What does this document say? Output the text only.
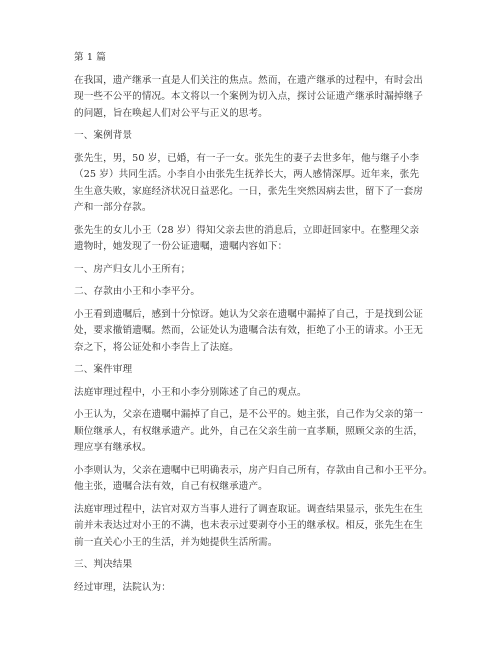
第 1 篇
在我国，遗产继承一直是人们关注的焦点。然而，在遗产继承的过程中，有时会出
现一些不公平的情况。本文将以一个案例为切入点，探讨公证遗产继承时漏掉继子
的问题，旨在唤起人们对公平与正义的思考。
一、案例背景
张先生，男，50 岁，已婚，有一子一女。张先生的妻子去世多年，他与继子小李
（25 岁）共同生活。小李自小由张先生抚养长大，两人感情深厚。近年来，张先
生生意失败，家庭经济状况日益恶化。一日，张先生突然因病去世，留下了一套房
产和一部分存款。
张先生的女儿小王（28 岁）得知父亲去世的消息后，立即赶回家中。在整理父亲
遗物时，她发现了一份公证遗嘱，遗嘱内容如下：
一、房产归女儿小王所有；
二、存款由小王和小李平分。
小王看到遗嘱后，感到十分惊讶。她认为父亲在遗嘱中漏掉了自己，于是找到公证
处，要求撤销遗嘱。然而，公证处认为遗嘱合法有效，拒绝了小王的请求。小王无
奈之下，将公证处和小李告上了法庭。
二、案件审理
法庭审理过程中，小王和小李分别陈述了自己的观点。
小王认为，父亲在遗嘱中漏掉了自己，是不公平的。她主张，自己作为父亲的第一
顺位继承人，有权继承遗产。此外，自己在父亲生前一直孝顺，照顾父亲的生活，
理应享有继承权。
小李则认为，父亲在遗嘱中已明确表示，房产归自己所有，存款由自己和小王平分。
他主张，遗嘱合法有效，自己有权继承遗产。
法庭审理过程中，法官对双方当事人进行了调查取证。调查结果显示，张先生在生
前并未表达过对小王的不满，也未表示过要剥夺小王的继承权。相反，张先生在生
前一直关心小王的生活，并为她提供生活所需。
三、判决结果
经过审理，法院认为：
